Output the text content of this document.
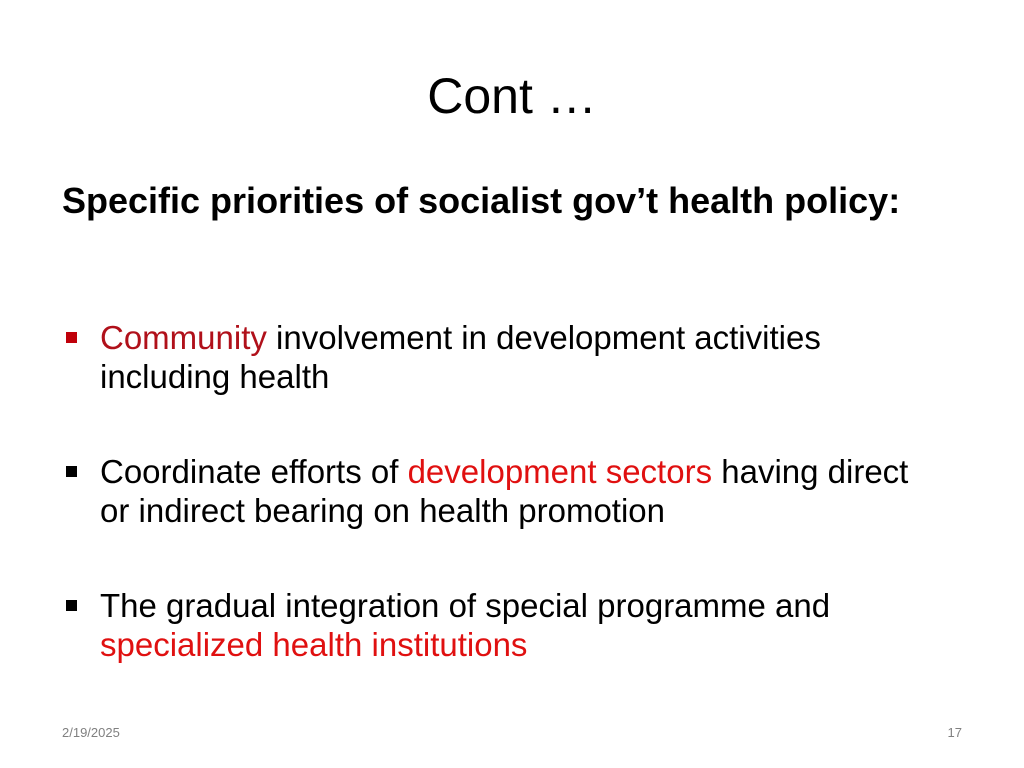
Cont …
Specific priorities of socialist gov’t health policy:
Community involvement in development activities including health
Coordinate efforts of development sectors having direct or indirect bearing on health promotion
The gradual integration of special programme and specialized health institutions
2/19/2025	17
